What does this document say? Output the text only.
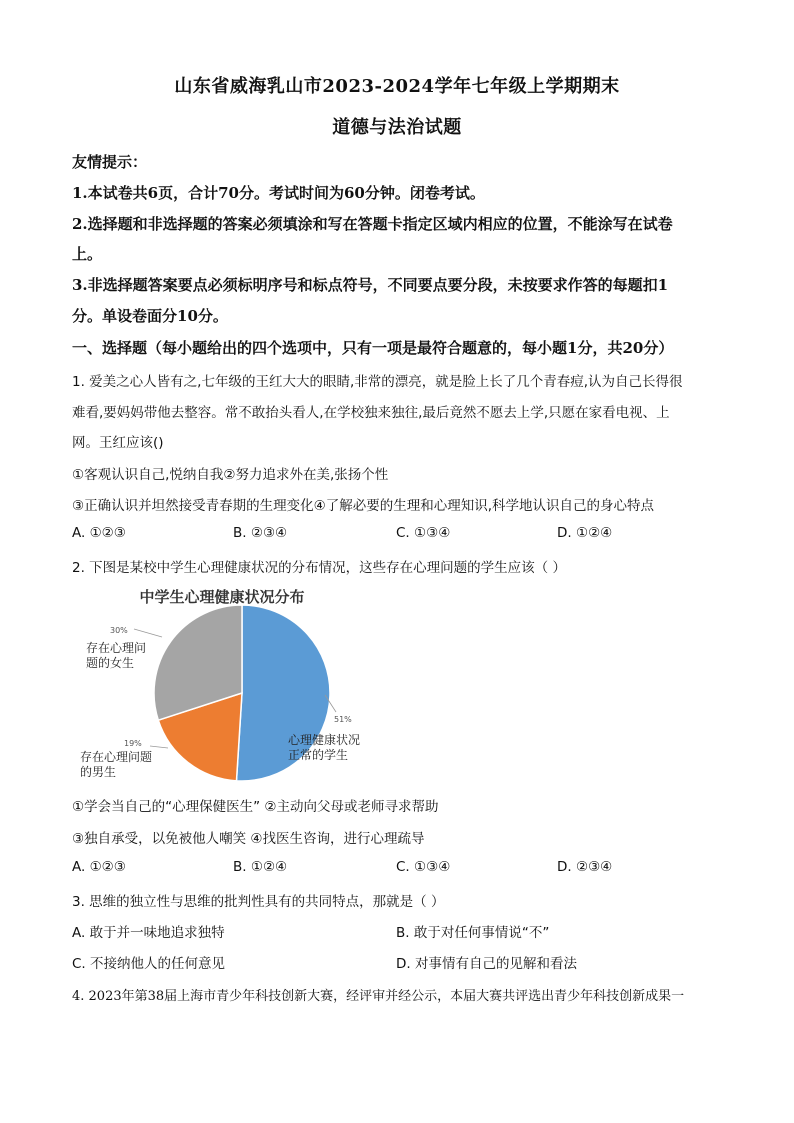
山东省威海乳山市2023-2024学年七年级上学期期末
道德与法治试题
友情提示：
1.本试卷共6页，合计70分。考试时间为60分钟。闭卷考试。
2.选择题和非选择题的答案必须填涂和写在答题卡指定区域内相应的位置，不能涂写在试卷
上。
3.非选择题答案要点必须标明序号和标点符号，不同要点要分段，未按要求作答的每题扣1
分。单设卷面分10分。
一、选择题（每小题给出的四个选项中，只有一项是最符合题意的，每小题1分，共20分）
1. 爱美之心人皆有之,七年级的王红大大的眼睛,非常的漂亮，就是脸上长了几个青春痘,认为自己长得很
难看,要妈妈带他去整容。常不敢抬头看人,在学校独来独往,最后竟然不愿去上学,只愿在家看电视、上
网。王红应该()
①客观认识自己,悦纳自我②努力追求外在美,张扬个性
③正确认识并坦然接受青春期的生理变化④了解必要的生理和心理知识,科学地认识自己的身心特点
A. ①②③	B. ②③④	C. ①③④	D. ①②④
2. 下图是某校中学生心理健康状况的分布情况，这些存在心理问题的学生应该（ ）
中学生心理健康状况分布
30%
存在心理问
题的女生
51%
心理健康状况
正常的学生
19%
存在心理问题
的男生
①学会当自己的“心理保健医生” ②主动向父母或老师寻求帮助
③独自承受，以免被他人嘲笑 ④找医生咨询，进行心理疏导
A. ①②③	B. ①②④	C. ①③④	D. ②③④
3. 思维的独立性与思维的批判性具有的共同特点，那就是（ ）
A. 敢于并一味地追求独特	B. 敢于对任何事情说“不”
C. 不接纳他人的任何意见	D. 对事情有自己的见解和看法
4. 2023年第38届上海市青少年科技创新大赛，经评审并经公示，本届大赛共评选出青少年科技创新成果一
